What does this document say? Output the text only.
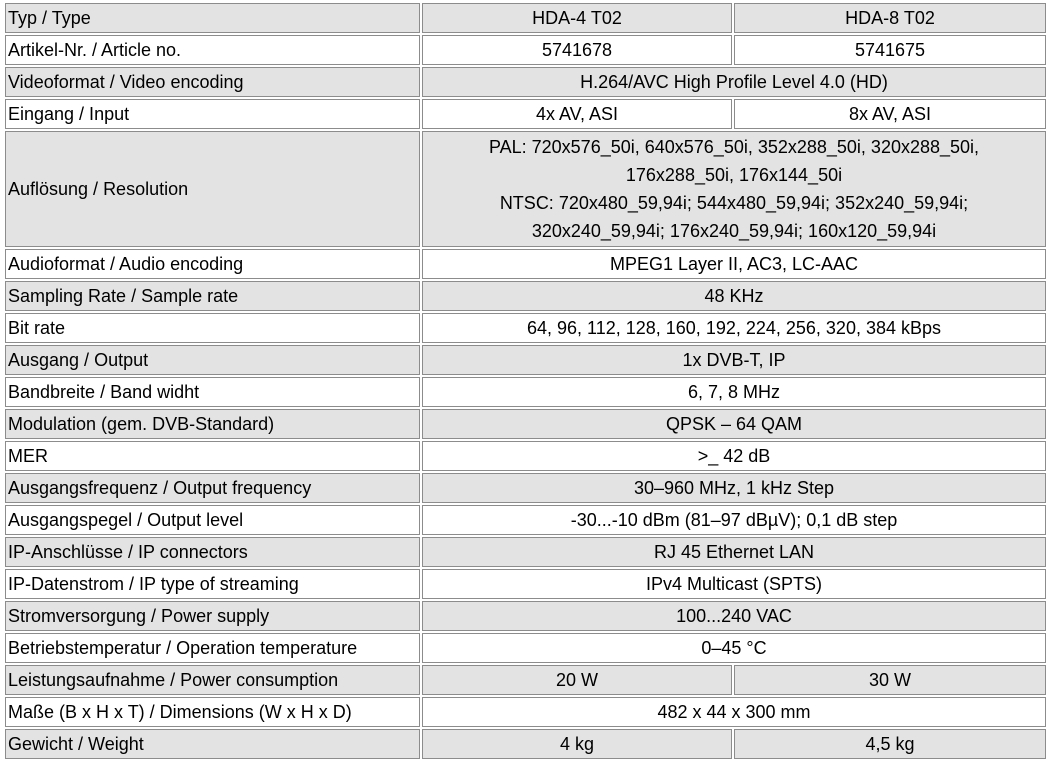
Typ / Type	HDA-4 T02	HDA-8 T02
Artikel-Nr. / Article no.	5741678	5741675
Videoformat / Video encoding	H.264/AVC High Profile Level 4.0 (HD)	
Eingang / Input	4x AV, ASI	8x AV, ASI
Auflösung / Resolution	PAL: 720x576_50i, 640x576_50i, 352x288_50i, 320x288_50i,
176x288_50i, 176x144_50i
NTSC: 720x480_59,94i; 544x480_59,94i; 352x240_59,94i;
320x240_59,94i; 176x240_59,94i; 160x120_59,94i	

Audioformat / Audio encoding	MPEG1 Layer II, AC3, LC-AAC	
Sampling Rate / Sample rate	48 KHz	
Bit rate	64, 96, 112, 128, 160, 192, 224, 256, 320, 384 kBps	
Ausgang / Output	1x DVB-T, IP	
Bandbreite / Band widht	6, 7, 8 MHz	
Modulation (gem. DVB-Standard)	QPSK – 64 QAM	
MER	>_ 42 dB	
Ausgangsfrequenz / Output frequency	30–960 MHz, 1 kHz Step	
Ausgangspegel / Output level	-30...-10 dBm (81–97 dBµV); 0,1 dB step	
IP-Anschlüsse / IP connectors	RJ 45 Ethernet LAN	
IP-Datenstrom / IP type of streaming	IPv4 Multicast (SPTS)	
Stromversorgung / Power supply	100...240 VAC	
Betriebstemperatur / Operation temperature	0–45 °C	
Leistungsaufnahme / Power consumption	20 W	30 W
Maße (B x H x T) / Dimensions (W x H x D)	482 x 44 x 300 mm	
Gewicht / Weight	4 kg	4,5 kg
